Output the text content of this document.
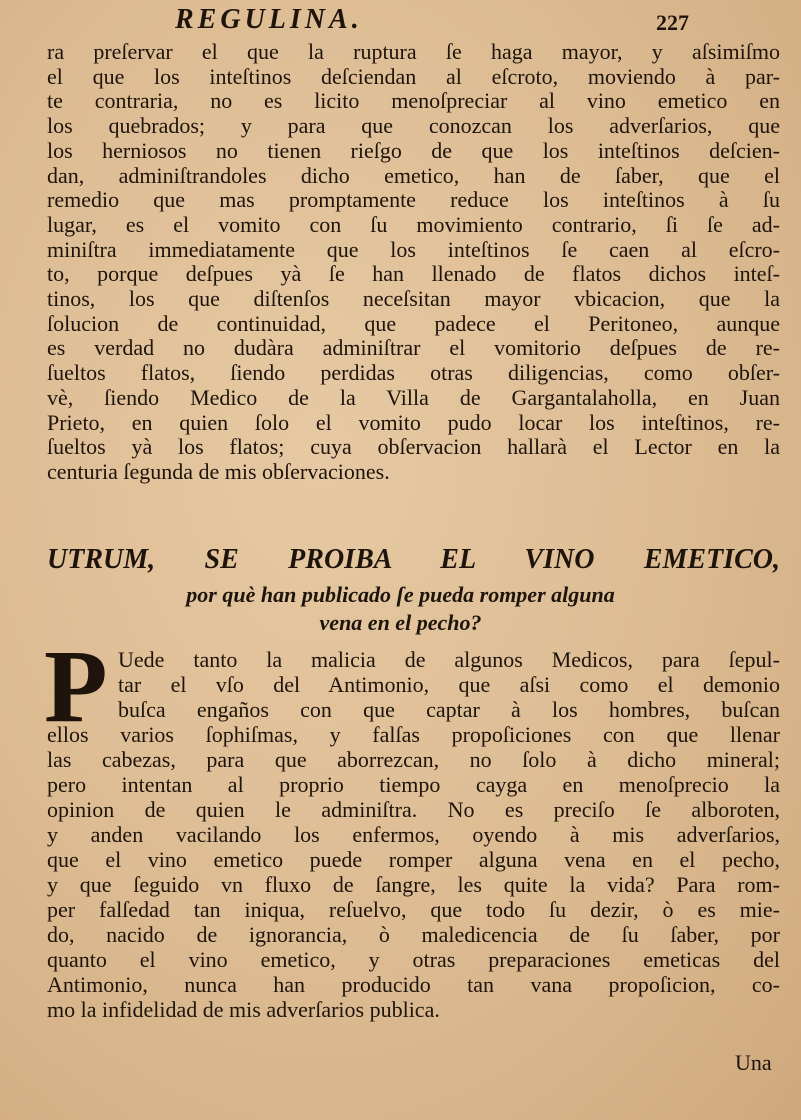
REGULINA.	227
ra preſervar el que la ruptura ſe haga mayor, y aſsimiſmo
el que los inteſtinos deſciendan al eſcroto, moviendo à par-
te contraria, no es licito menoſpreciar al vino emetico en
los quebrados; y para que conozcan los adverſarios, que
los herniosos no tienen rieſgo de que los inteſtinos deſcien-
dan, adminiſtrandoles dicho emetico, han de ſaber, que el
remedio que mas promptamente reduce los inteſtinos à ſu
lugar, es el vomito con ſu movimiento contrario, ſi ſe ad-
miniſtra immediatamente que los inteſtinos ſe caen al eſcro-
to, porque deſpues yà ſe han llenado de flatos dichos inteſ-
tinos, los que diſtenſos neceſsitan mayor vbicacion, que la
ſolucion de continuidad, que padece el Peritoneo, aunque
es verdad no dudàra adminiſtrar el vomitorio deſpues de re-
ſueltos flatos, ſiendo perdidas otras diligencias, como obſer-
vè, ſiendo Medico de la Villa de Gargantalaholla, en Juan
Prieto, en quien ſolo el vomito pudo locar los inteſtinos, re-
ſueltos yà los flatos; cuya obſervacion hallarà el Lector en la
centuria ſegunda de mis obſervaciones.
UTRUM, SE PROIBA EL VINO EMETICO,
por què han publicado ſe pueda romper alguna
vena en el pecho?
P Uede tanto la malicia de algunos Medicos, para ſepul-
tar el vſo del Antimonio, que aſsi como el demonio
buſca engaños con que captar à los hombres, buſcan
ellos varios ſophiſmas, y falſas propoſiciones con que llenar
las cabezas, para que aborrezcan, no ſolo à dicho mineral;
pero intentan al proprio tiempo cayga en menoſprecio la
opinion de quien le adminiſtra. No es preciſo ſe alboroten,
y anden vacilando los enfermos, oyendo à mis adverſarios,
que el vino emetico puede romper alguna vena en el pecho,
y que ſeguido vn fluxo de ſangre, les quite la vida? Para rom-
per falſedad tan iniqua, reſuelvo, que todo ſu dezir, ò es mie-
do, nacido de ignorancia, ò maledicencia de ſu ſaber, por
quanto el vino emetico, y otras preparaciones emeticas del
Antimonio, nunca han producido tan vana propoſicion, co-
mo la infidelidad de mis adverſarios publica.
Una
